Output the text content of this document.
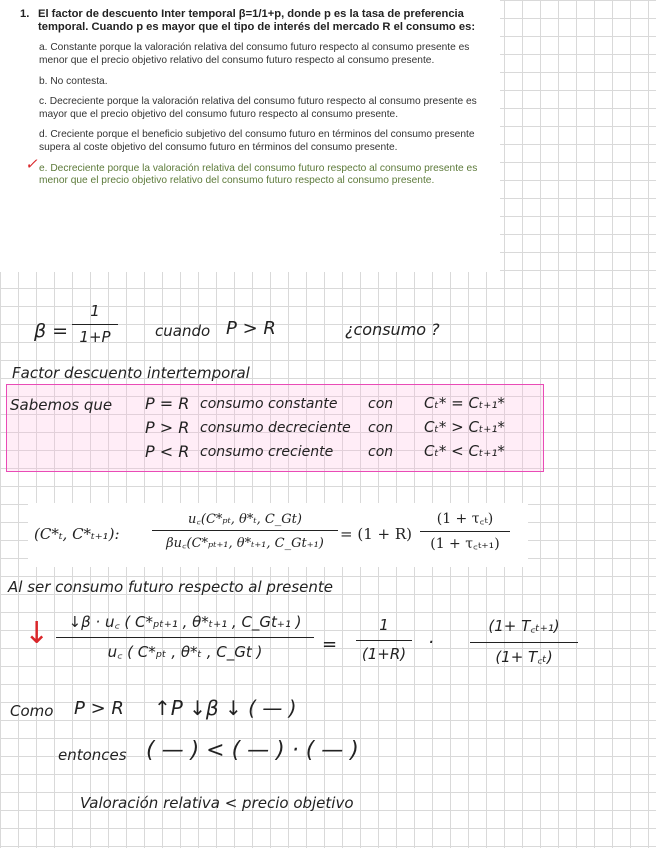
1. El factor de descuento Inter temporal β=1/1+p, donde p es la tasa de preferencia temporal. Cuando p es mayor que el tipo de interés del mercado R el consumo es:
a. Constante porque la valoración relativa del consumo futuro respecto al consumo presente es menor que el precio objetivo relativo del consumo futuro respecto al consumo presente.
b. No contesta.
c. Decreciente porque la valoración relativa del consumo futuro respecto al consumo presente es mayor que el precio objetivo del consumo futuro respecto al consumo presente.
d. Creciente porque el beneficio subjetivo del consumo futuro en términos del consumo presente supera al coste objetivo del consumo futuro en términos del consumo presente.
✓ e. Decreciente porque la valoración relativa del consumo futuro respecto al consumo presente es menor que el precio objetivo relativo del consumo futuro respecto al consumo presente.
β =
1
1+P	cuando P > R	¿consumo ?
Factor descuento intertemporal
Sabemos que P = R consumo constante con Cₜ* = Cₜ₊₁*
P > R consumo decreciente con Cₜ* > Cₜ₊₁*
P < R consumo creciente con Cₜ* < Cₜ₊₁*
(C*ₜ, C*ₜ₊₁):
u꜀(C*ₚₜ, θ*ₜ, C_Gt)
βu꜀(C*ₚₜ₊₁, θ*ₜ₊₁, C_Gt₊₁)
= (1 + R)
(1 + τ꜀ₜ)
(1 + τ꜀ₜ₊₁)
Al ser consumo futuro respecto al presente
↓	↓β · u꜀ ( C*ₚₜ₊₁ , θ*ₜ₊₁ , C_Gt₊₁ )
u꜀ ( C*ₚₜ , θ*ₜ , C_Gt )	=
1
(1+R)
·
(1+ T꜀ₜ₊₁)
(1+ T꜀ₜ)
Como P > R ↑P ↓β ↓ ( — )
entonces ( — ) < ( — ) · ( — )
Valoración relativa < precio objetivo
